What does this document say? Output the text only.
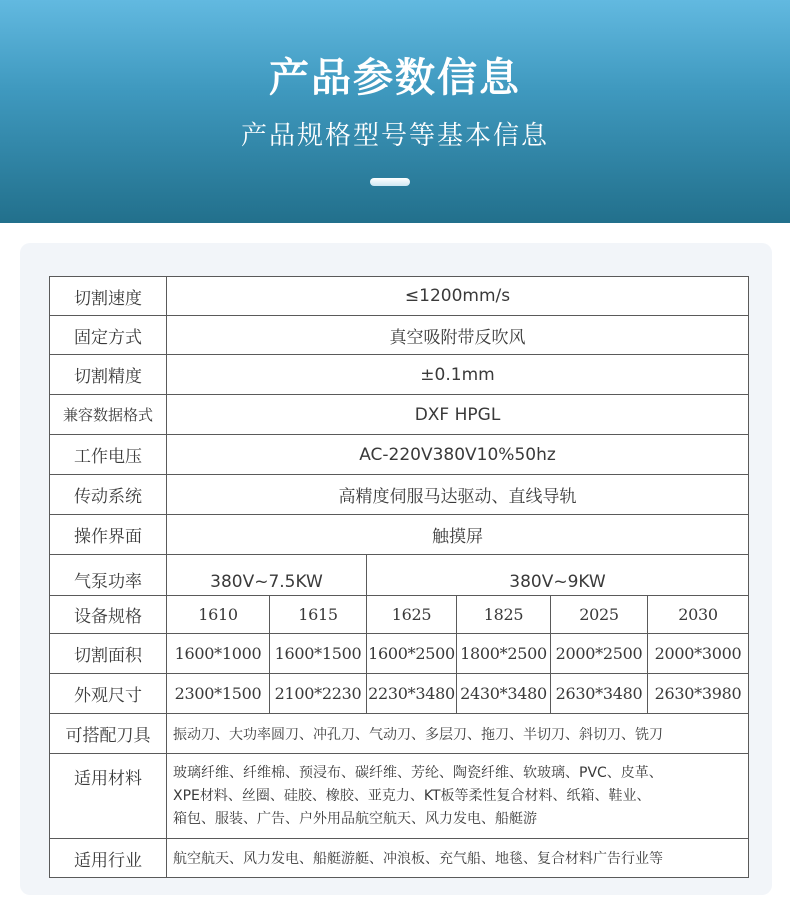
产品参数信息
产品规格型号等基本信息
切割速度	≤1200mm/s					
固定方式	真空吸附带反吹风					
切割精度	±0.1mm					
兼容数据格式	DXF HPGL					
工作电压	AC-220V380V10%50hz					
传动系统	高精度伺服马达驱动、直线导轨					
操作界面	触摸屏					
气泵功率	380V~7.5KW		380V~9KW			
设备规格	1610	1615	1625	1825	2025	2030
切割面积	1600*1000	1600*1500	1600*2500	1800*2500	2000*2500	2000*3000
外观尺寸	2300*1500	2100*2230	2230*3480	2430*3480	2630*3480	2630*3980
可搭配刀具	振动刀、大功率圆刀、冲孔刀、气动刀、多层刀、拖刀、半切刀、斜切刀、铣刀					
适用材料	玻璃纤维、纤维棉、预浸布、碳纤维、芳纶、陶瓷纤维、软玻璃、PVC、皮革、
XPE材料、丝圈、硅胶、橡胶、亚克力、KT板等柔性复合材料、纸箱、鞋业、
箱包、服装、广告、户外用品航空航天、风力发电、船艇游					

适用行业	航空航天、风力发电、船艇游艇、冲浪板、充气船、地毯、复合材料广告行业等					
